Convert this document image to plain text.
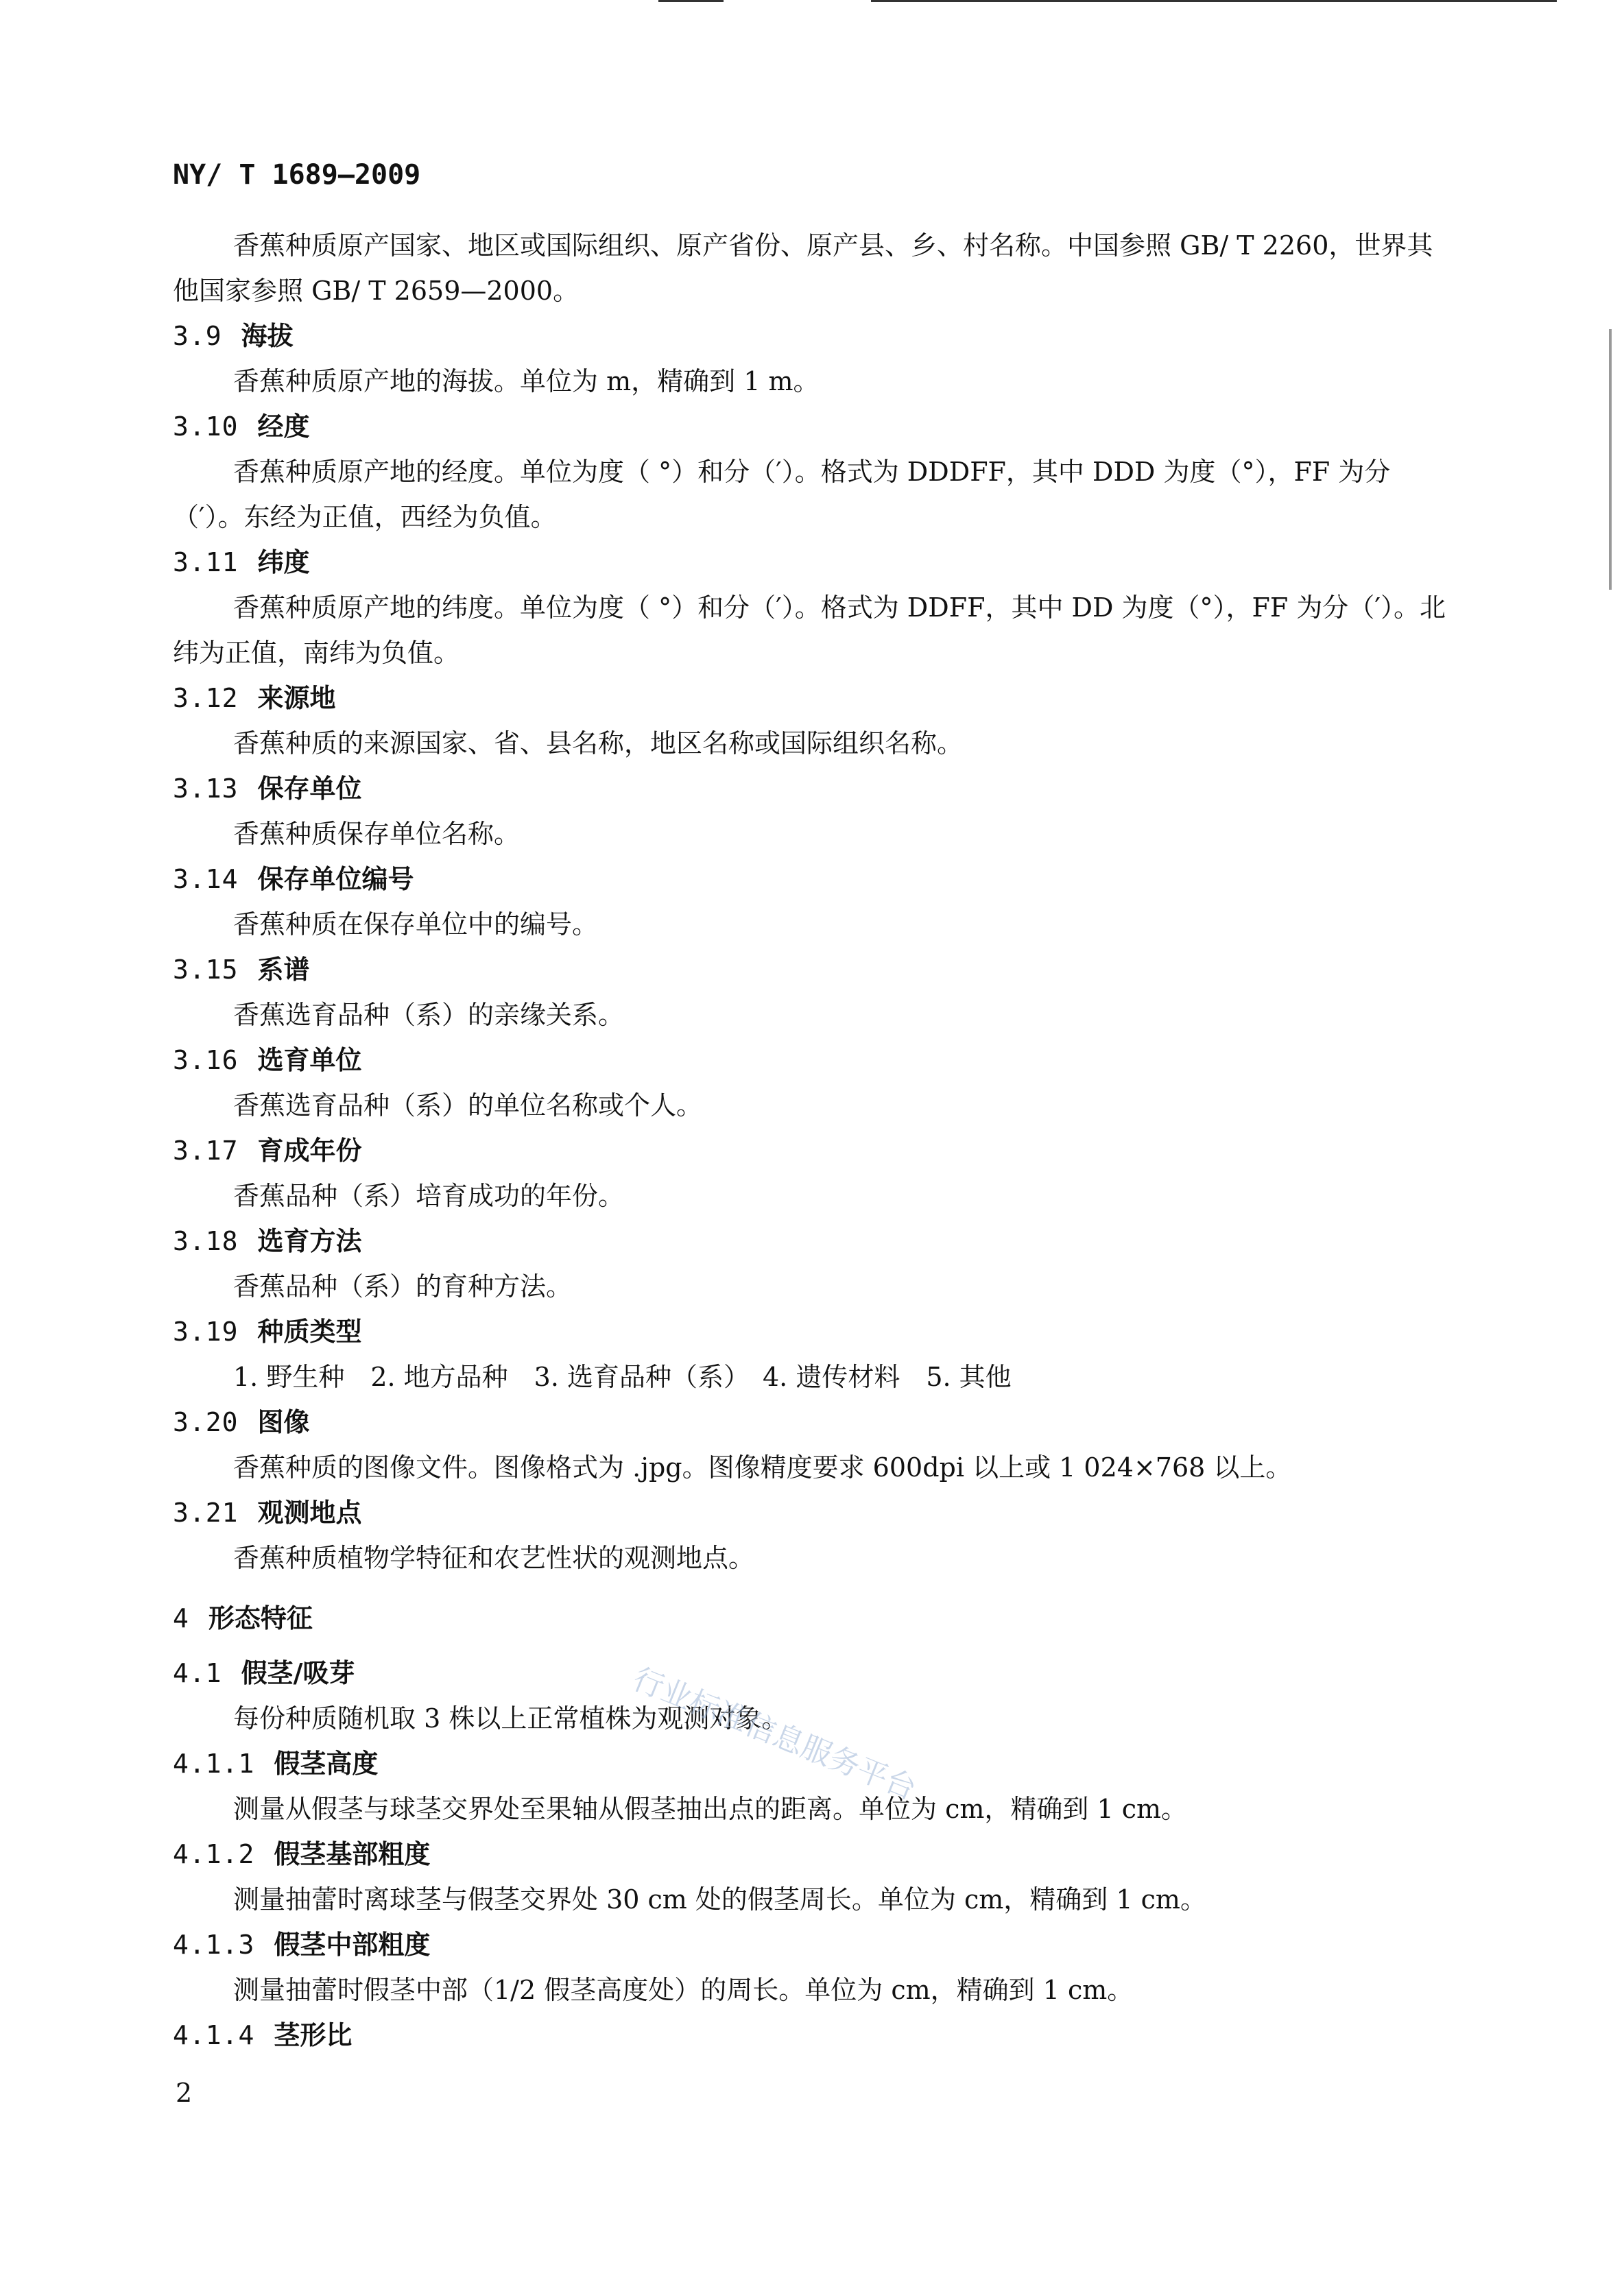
NY/ T 1689—2009

香蕉种质原产国家、地区或国际组织、原产省份、原产县、乡、村名称。中国参照 GB/ T 2260，世界其他国家参照 GB/ T 2659—2000。

3.9 海拔

香蕉种质原产地的海拔。单位为 m，精确到 1 m。

3.10 经度

香蕉种质原产地的经度。单位为度（ °）和分（′）。格式为 DDDFF，其中 DDD 为度（°），FF 为分（′）。东经为正值，西经为负值。

3.11 纬度

香蕉种质原产地的纬度。单位为度（ °）和分（′）。格式为 DDFF，其中 DD 为度（°），FF 为分（′）。北纬为正值，南纬为负值。

3.12 来源地

香蕉种质的来源国家、省、县名称，地区名称或国际组织名称。

3.13 保存单位

香蕉种质保存单位名称。

3.14 保存单位编号

香蕉种质在保存单位中的编号。

3.15 系谱

香蕉选育品种（系）的亲缘关系。

3.16 选育单位

香蕉选育品种（系）的单位名称或个人。

3.17 育成年份

香蕉品种（系）培育成功的年份。

3.18 选育方法

香蕉品种（系）的育种方法。

3.19 种质类型

1. 野生种　2. 地方品种　3. 选育品种（系）　4. 遗传材料　5. 其他

3.20 图像

香蕉种质的图像文件。图像格式为 .jpg。图像精度要求 600dpi 以上或 1 024×768 以上。

3.21 观测地点

香蕉种质植物学特征和农艺性状的观测地点。

4 形态特征

4.1 假茎/吸芽

每份种质随机取 3 株以上正常植株为观测对象。

4.1.1 假茎高度

测量从假茎与球茎交界处至果轴从假茎抽出点的距离。单位为 cm，精确到 1 cm。

4.1.2 假茎基部粗度

测量抽蕾时离球茎与假茎交界处 30 cm 处的假茎周长。单位为 cm，精确到 1 cm。

4.1.3 假茎中部粗度

测量抽蕾时假茎中部（1/2 假茎高度处）的周长。单位为 cm，精确到 1 cm。

4.1.4 茎形比

行业标准信息服务平台
2
